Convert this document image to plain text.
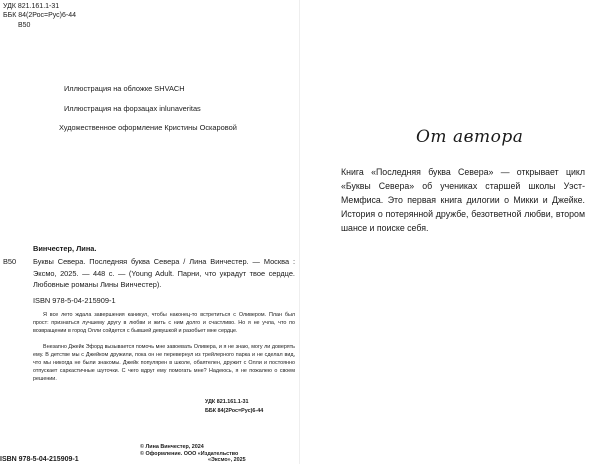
УДК 821.161.1-31
ББК 84(2Рос=Рус)6-44
В50
Иллюстрация на обложке SHVACH
Иллюстрация на форзацах inlunaveritas
Художественное оформление Кристины Оскаровой
Винчестер, Лина.
В50 Буквы Севера. Последняя буква Севера / Лина Винчестер. — Москва : Эксмо, 2025. — 448 с. — (Young Adult. Парни, что украдут твое сердце. Любовные романы Лины Винчестер).
ISBN 978-5-04-215909-1

Я все лето ждала завершения каникул, чтобы наконец-то встретиться с Оливером. План был прост: признаться лучшему другу в любви и жить с ним долго и счастливо. Но я не учла, что по возвращении в город Олли сойдется с бывшей девушкой и разобьет мне сердце.

Внезапно Джейк Эфорд вызывается помочь мне завоевать Оливера, и я не знаю, могу ли доверять ему. В детстве мы с Джейком дружили, пока он не перевернул из трейлерного парка и не сделал вид, что мы никогда не были знакомы. Джейк популярен в школе, обаятелен, дружит с Олли и постоянно отпускает саркастичные шуточки. С чего вдруг ему помогать мне? Надеюсь, я не пожалею о своем решении.

УДК 821.161.1-31
ББК 84(2Рос=Рус)6-44
ISBN 978-5-04-215909-1
© Лина Винчестер, 2024
© Оформление. ООО «Издательство
«Эксмо», 2025
От автора
Книга «Последняя буква Севера» — открывает цикл «Буквы Севера» об учениках старшей школы Уэст-Мемфиса. Это первая книга дилогии о Микки и Джейке. История о потерянной дружбе, безответной любви, втором шансе и поиске себя.
